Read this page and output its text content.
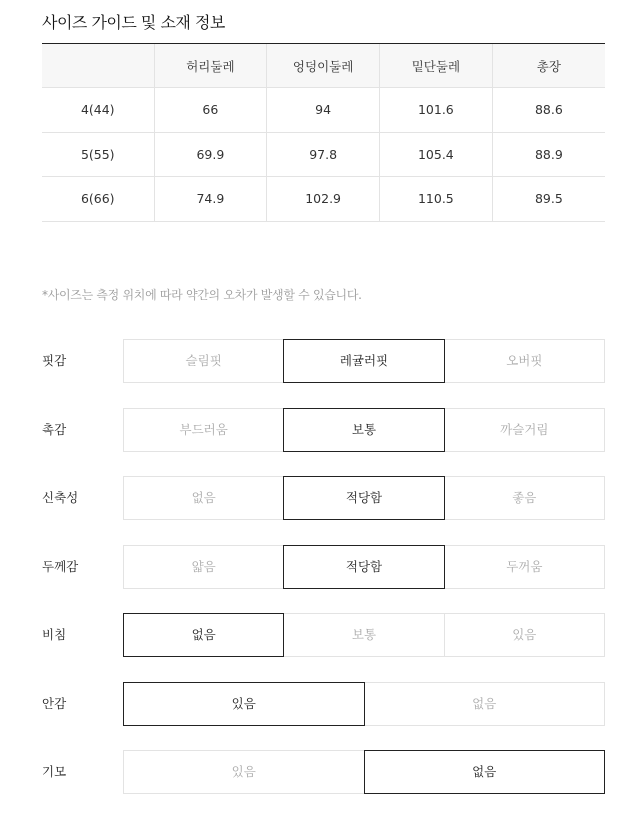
사이즈 가이드 및 소재 정보
	허리둘레	엉덩이둘레	밑단둘레	총장
4(44)	66	94	101.6	88.6
5(55)	69.9	97.8	105.4	88.9
6(66)	74.9	102.9	110.5	89.5
*사이즈는 측정 위치에 따라 약간의 오차가 발생할 수 있습니다.
핏감	슬림핏	레귤러핏	오버핏
촉감	부드러움	보통	까슬거림
신축성	없음	적당함	좋음
두께감	얇음	적당함	두꺼움
비침	없음	보통	있음
안감	있음	없음
기모	있음	없음
